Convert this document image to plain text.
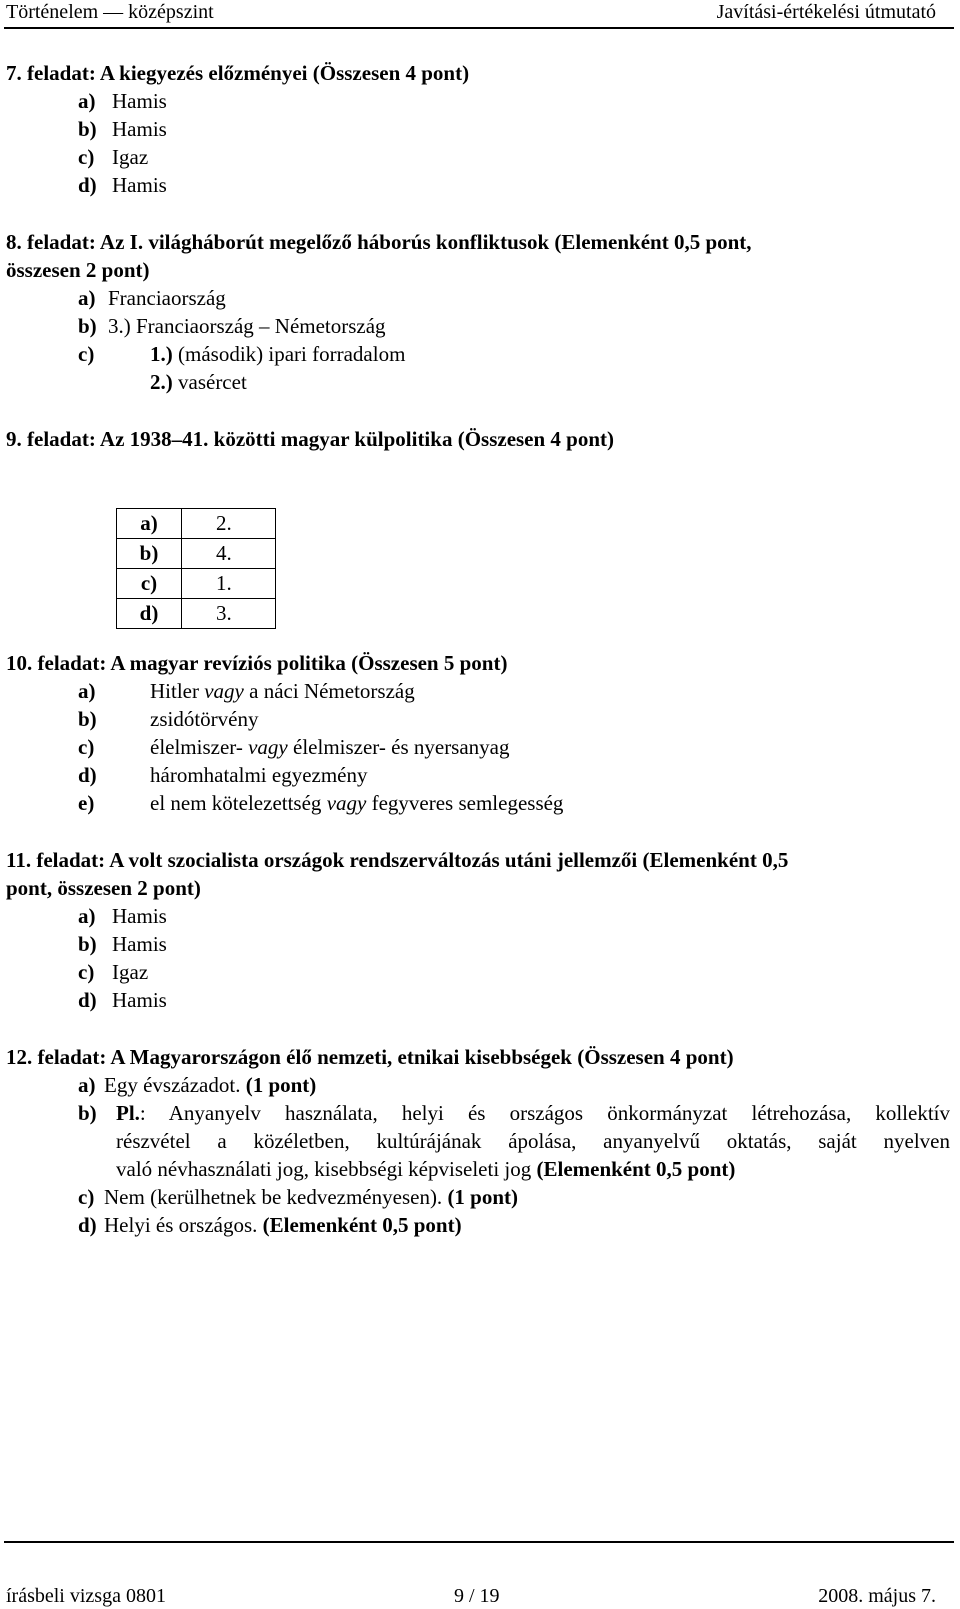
Történelem — középszint	Javítási-értékelési útmutató
7. feladat: A kiegyezés előzményei (Összesen 4 pont)
a) Hamis
b) Hamis
c) Igaz
d) Hamis
8. feladat: Az I. világháborút megelőző háborús konfliktusok (Elemenként 0,5 pont,
összesen 2 pont)
a) Franciaország
b) 3.) Franciaország – Németország
c)	1.) (második) ipari forradalom
2.) vasércet
9. feladat: Az 1938–41. közötti magyar külpolitika (Összesen 4 pont)
a)	2.
b)	4.
c)	1.
d)	3.
10. feladat: A magyar revíziós politika (Összesen 5 pont)
a)	Hitler vagy a náci Németország
b)	zsidótörvény
c)	élelmiszer- vagy élelmiszer- és nyersanyag
d)	háromhatalmi egyezmény
e)	el nem kötelezettség vagy fegyveres semlegesség
11. feladat: A volt szocialista országok rendszerváltozás utáni jellemzői (Elemenként 0,5
pont, összesen 2 pont)
a) Hamis
b) Hamis
c) Igaz
d) Hamis
12. feladat: A Magyarországon élő nemzeti, etnikai kisebbségek (Összesen 4 pont)
a) Egy évszázadot. (1 pont)
b) Pl.: Anyanyelv használata, helyi és országos önkormányzat létrehozása, kollektív
részvétel a közéletben, kultúrájának ápolása, anyanyelvű oktatás, saját nyelven
való névhasználati jog, kisebbségi képviseleti jog (Elemenként 0,5 pont)
c) Nem (kerülhetnek be kedvezményesen). (1 pont)
d) Helyi és országos. (Elemenként 0,5 pont)
írásbeli vizsga 0801	9 / 19	2008. május 7.
